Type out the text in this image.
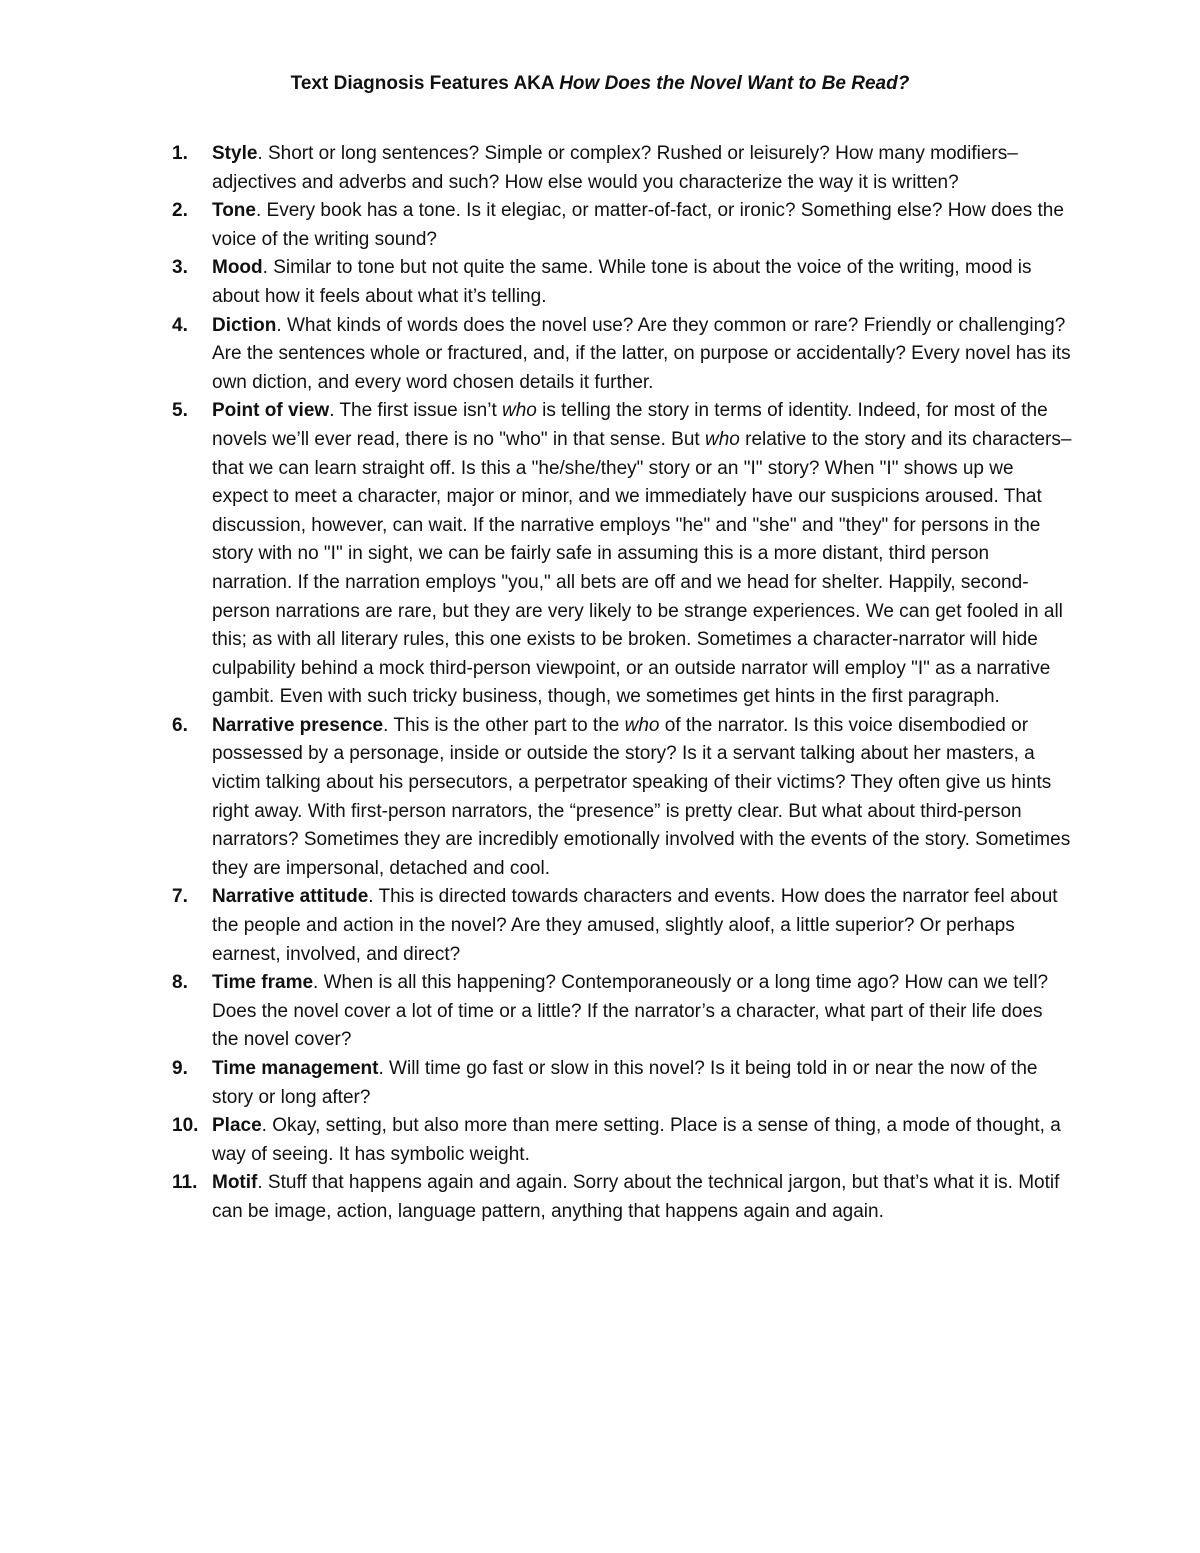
Text Diagnosis Features AKA How Does the Novel Want to Be Read?
1.	Style. Short or long sentences? Simple or complex? Rushed or leisurely? How many modifiers–adjectives and adverbs and such? How else would you characterize the way it is written?
2.	Tone. Every book has a tone. Is it elegiac, or matter-of-fact, or ironic? Something else? How does the voice of the writing sound?
3.	Mood. Similar to tone but not quite the same. While tone is about the voice of the writing, mood is about how it feels about what it’s telling.
4.	Diction. What kinds of words does the novel use? Are they common or rare? Friendly or challenging? Are the sentences whole or fractured, and, if the latter, on purpose or accidentally? Every novel has its own diction, and every word chosen details it further.
5.	Point of view. The first issue isn’t who is telling the story in terms of identity. Indeed, for most of the novels we’ll ever read, there is no "who" in that sense. But who relative to the story and its characters–that we can learn straight off. Is this a "he/she/they" story or an "I" story? When "I" shows up we expect to meet a character, major or minor, and we immediately have our suspicions aroused. That discussion, however, can wait. If the narrative employs "he" and "she" and "they" for persons in the story with no "I" in sight, we can be fairly safe in assuming this is a more distant, third person narration. If the narration employs "you," all bets are off and we head for shelter. Happily, second-person narrations are rare, but they are very likely to be strange experiences. We can get fooled in all this; as with all literary rules, this one exists to be broken. Sometimes a character-narrator will hide culpability behind a mock third-person viewpoint, or an outside narrator will employ "I" as a narrative gambit. Even with such tricky business, though, we sometimes get hints in the first paragraph.
6.	Narrative presence. This is the other part to the who of the narrator. Is this voice disembodied or possessed by a personage, inside or outside the story? Is it a servant talking about her masters, a victim talking about his persecutors, a perpetrator speaking of their victims? They often give us hints right away. With first-person narrators, the “presence” is pretty clear. But what about third-person narrators? Sometimes they are incredibly emotionally involved with the events of the story. Sometimes they are impersonal, detached and cool.
7.	Narrative attitude. This is directed towards characters and events. How does the narrator feel about the people and action in the novel? Are they amused, slightly aloof, a little superior? Or perhaps earnest, involved, and direct?
8.	Time frame. When is all this happening? Contemporaneously or a long time ago? How can we tell? Does the novel cover a lot of time or a little? If the narrator’s a character, what part of their life does the novel cover?
9.	Time management. Will time go fast or slow in this novel? Is it being told in or near the now of the story or long after?
10. Place. Okay, setting, but also more than mere setting. Place is a sense of thing, a mode of thought, a way of seeing. It has symbolic weight.
11. Motif. Stuff that happens again and again. Sorry about the technical jargon, but that’s what it is. Motif can be image, action, language pattern, anything that happens again and again.
